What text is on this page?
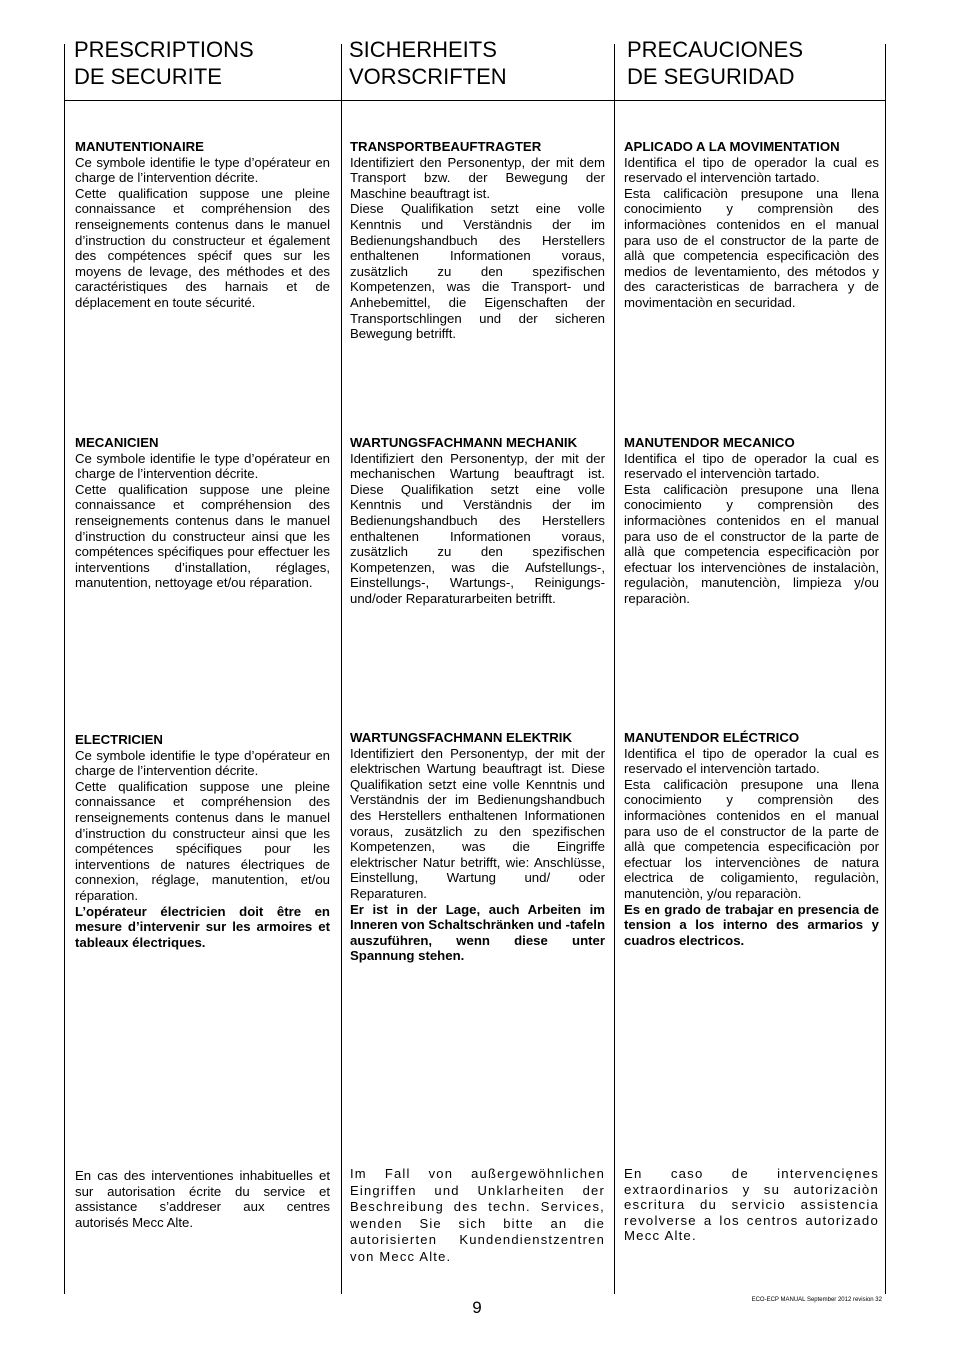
PRESCRIPTIONS
DE SECURITE
MANUTENTIONAIRE
Ce symbole identifie le type d’opérateur en charge de l’intervention décrite.
Cette qualification suppose une pleine connaissance et compréhension des renseignements contenus dans le manuel d’instruction du constructeur et également des compétences spécif ques sur les moyens de levage, des méthodes et des caractéristiques des harnais et de déplacement en toute sécurité.
MECANICIEN
Ce symbole identifie le type d’opérateur en charge de l’intervention décrite.
Cette qualification suppose une pleine connaissance et compréhension des renseignements contenus dans le manuel d’instruction du constructeur ainsi que les compétences spécifiques pour effectuer les interventions d’installation, réglages, manutention, nettoyage et/ou réparation.
ELECTRICIEN
Ce symbole identifie le type d’opérateur en charge de l’intervention décrite.
Cette qualification suppose une pleine connaissance et compréhension des renseignements contenus dans le manuel d’instruction du constructeur ainsi que les compétences spécifiques pour les interventions de natures électriques de connexion, réglage, manutention, et/ou réparation.
L’opérateur électricien doit être en mesure d’intervenir sur les armoires et tableaux électriques.
En cas des interventiones inhabituelles et sur autorisation écrite du service et assistance s’addreser aux centres autorisés Mecc Alte.
SICHERHEITS
VORSCRIFTEN
TRANSPORTBEAUFTRAGTER
Identifiziert den Personentyp, der mit dem Transport bzw. der Bewegung der Maschine beauftragt ist.
Diese Qualifikation setzt eine volle Kenntnis und Verständnis der im Bedienungshandbuch des Herstellers enthaltenen Informationen voraus, zusätzlich zu den spezifischen Kompetenzen, was die Transport- und Anhebemittel, die Eigenschaften der Transportschlingen und der sicheren Bewegung betrifft.
WARTUNGSFACHMANN MECHANIK
Identifiziert den Personentyp, der mit der mechanischen Wartung beauftragt ist. Diese Qualifikation setzt eine volle Kenntnis und Verständnis der im Bedienungshandbuch des Herstellers enthaltenen Informationen voraus, zusätzlich zu den spezifischen Kompetenzen, was die Aufstellungs-, Einstellungs-, Wartungs-, Reinigungs- und/oder Reparaturarbeiten betrifft.
WARTUNGSFACHMANN ELEKTRIK
Identifiziert den Personentyp, der mit der elektrischen Wartung beauftragt ist. Diese Qualifikation setzt eine volle Kenntnis und Verständnis der im Bedienungshandbuch des Herstellers enthaltenen Informationen voraus, zusätzlich zu den spezifischen Kompetenzen, was die Eingriffe elektrischer Natur betrifft, wie: Anschlüsse, Einstellung, Wartung und/ oder Reparaturen.
Er ist in der Lage, auch Arbeiten im Inneren von Schaltschränken und -tafeln auszuführen, wenn diese unter Spannung stehen.
Im Fall von außergewöhnlichen Eingriffen und Unklarheiten der Beschreibung des techn. Services, wenden Sie sich bitte an die autorisierten Kundendienstzentren von Mecc Alte.
PRECAUCIONES
DE SEGURIDAD
APLICADO A LA MOVIMENTATION
Identifica el tipo de operador la cual es reservado el intervenciòn tartado.
Esta calificaciòn presupone una llena conocimiento y comprensiòn des informaciònes contenidos en el manual para uso de el constructor de la parte de allà que competencia especificaciòn des medios de leventamiento, des métodos y des caracteristicas de barrachera y de movimentaciòn en securidad.
MANUTENDOR MECANICO
Identifica el tipo de operador la cual es reservado el intervenciòn tartado.
Esta calificaciòn presupone una llena conocimiento y comprensiòn des informaciònes contenidos en el manual para uso de el constructor de la parte de allà que competencia especificaciòn por efectuar los intervenciònes de instalaciòn, regulaciòn, manutenciòn, limpieza y/ou reparaciòn.
MANUTENDOR ELÉCTRICO
Identifica el tipo de operador la cual es reservado el intervenciòn tartado.
Esta calificaciòn presupone una llena conocimiento y comprensiòn des informaciònes contenidos en el manual para uso de el constructor de la parte de allà que competencia especificaciòn por efectuar los intervenciònes de natura electrica de coligamiento, regulaciòn, manutenciòn, y/ou reparaciòn.
Es en grado de trabajar en presencia de tension a los interno des armarios y cuadros electricos.
En caso de intervencięnes extraordinarios y su autorizaciòn escritura du servicio assistencia revolverse a los centros autorizado Mecc Alte.

9	ECO-ECP MANUAL September 2012 revision 32
